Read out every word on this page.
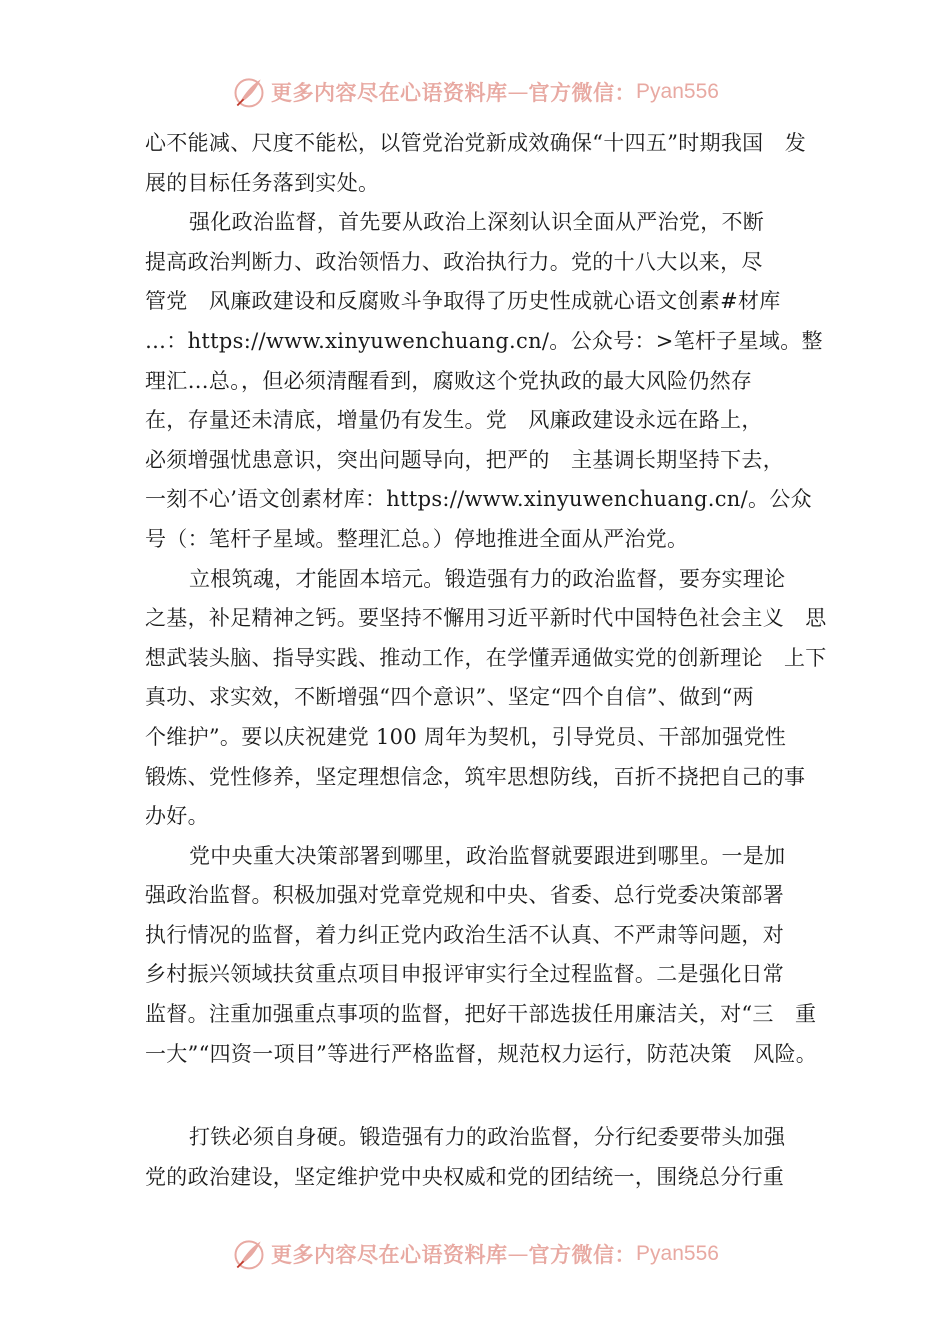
更多内容尽在心语资料库 — 官方微信： Pyan556
心不能减、尺度不能松，以管党治党新成效确保“十四五”时期我国　发
展的目标任务落到实处。
强化政治监督，首先要从政治上深刻认识全面从严治党，不断
提高政治判断力、政治领悟力、政治执行力。党的十八大以来，尽
管党　风廉政建设和反腐败斗争取得了历史性成就心语文创素#材库
…：https://www.xinyuwenchuang.cn/。公众号：>笔杆子星域。整
理汇…总。，但必须清醒看到，腐败这个党执政的最大风险仍然存
在，存量还未清底，增量仍有发生。党　风廉政建设永远在路上，
必须增强忧患意识，突出问题导向，把严的　主基调长期坚持下去，
一刻不心’语文创素材库：https://www.xinyuwenchuang.cn/。公众
号（：笔杆子星域。整理汇总。）停地推进全面从严治党。
立根筑魂，才能固本培元。锻造强有力的政治监督，要夯实理论
之基，补足精神之钙。要坚持不懈用习近平新时代中国特色社会主义　思
想武装头脑、指导实践、推动工作，在学懂弄通做实党的创新理论　上下
真功、求实效，不断增强“四个意识”、坚定“四个自信”、做到“两
个维护”。要以庆祝建党 100 周年为契机，引导党员、干部加强党性
锻炼、党性修养，坚定理想信念，筑牢思想防线，百折不挠把自己的事
办好。
党中央重大决策部署到哪里，政治监督就要跟进到哪里。一是加
强政治监督。积极加强对党章党规和中央、省委、总行党委决策部署
执行情况的监督，着力纠正党内政治生活不认真、不严肃等问题，对
乡村振兴领域扶贫重点项目申报评审实行全过程监督。二是强化日常
监督。注重加强重点事项的监督，把好干部选拔任用廉洁关，对“三　重
一大”“四资一项目”等进行严格监督，规范权力运行，防范决策　风险。
打铁必须自身硬。锻造强有力的政治监督，分行纪委要带头加强
党的政治建设，坚定维护党中央权威和党的团结统一，围绕总分行重
更多内容尽在心语资料库 — 官方微信： Pyan556
